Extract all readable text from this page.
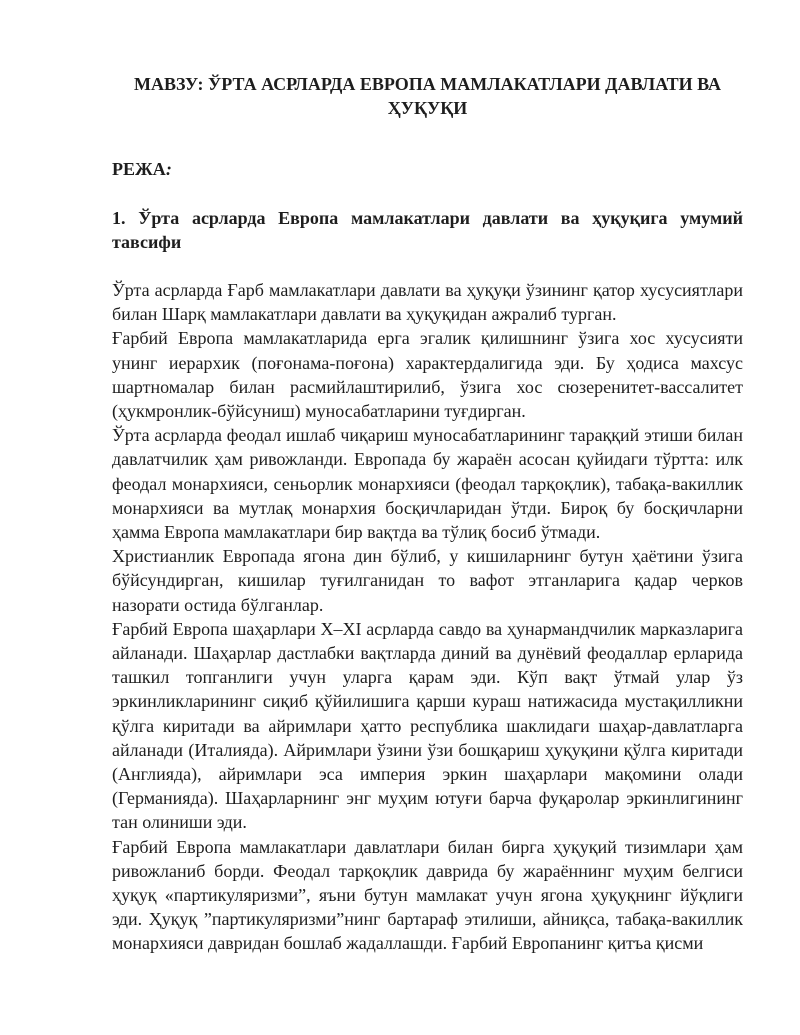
МАВЗУ: ЎРТА АСРЛАРДА ЕВРОПА МАМЛАКАТЛАРИ ДАВЛАТИ ВА ҲУҚУҚИ

РЕЖА:

1. Ўрта асрларда Европа мамлакатлари давлати ва ҳуқуқига умумий тавсифи

Ўрта асрларда Ғарб мамлакатлари давлати ва ҳуқуқи ўзининг қатор хусусиятлари билан Шарқ мамлакатлари давлати ва ҳуқуқидан ажралиб турган.

Ғарбий Европа мамлакатларида ерга эгалик қилишнинг ўзига хос хусусияти унинг иерархик (поғонама-поғона) характердалигида эди. Бу ҳодиса махсус шартномалар билан расмийлаштирилиб, ўзига хос сюзеренитет-вассалитет (ҳукмронлик-бўйсуниш) муносабатларини туғдирган.

Ўрта асрларда феодал ишлаб чиқариш муносабатларининг тараққий этиши билан давлатчилик ҳам ривожланди. Европада бу жараён асосан қуйидаги тўртта: илк феодал монархияси, сеньорлик монархияси (феодал тарқоқлик), табақа-вакиллик монархияси ва мутлақ монархия босқичларидан ўтди. Бироқ бу босқичларни ҳамма Европа мамлакатлари бир вақтда ва тўлиқ босиб ўтмади.

Христианлик Европада ягона дин бўлиб, у кишиларнинг бутун ҳаётини ўзига бўйсундирган, кишилар туғилганидан то вафот этганларига қадар черков назорати остида бўлганлар.

Ғарбий Европа шаҳарлари X–XI асрларда савдо ва ҳунармандчилик марказларига айланади. Шаҳарлар дастлабки вақтларда диний ва дунёвий феодаллар ерларида ташкил топганлиги учун уларга қарам эди. Кўп вақт ўтмай улар ўз эркинликларининг сиқиб қўйилишига қарши кураш натижасида мустақилликни қўлга киритади ва айримлари ҳатто республика шаклидаги шаҳар-давлатларга айланади (Италияда). Айримлари ўзини ўзи бошқариш ҳуқуқини қўлга киритади (Англияда), айримлари эса империя эркин шаҳарлари мақомини олади (Германияда). Шаҳарларнинг энг муҳим ютуғи барча фуқаролар эркинлигининг тан олиниши эди.

Ғарбий Европа мамлакатлари давлатлари билан бирга ҳуқуқий тизимлари ҳам ривожланиб борди. Феодал тарқоқлик даврида бу жараённинг муҳим белгиси ҳуқуқ «партикуляризми”, яъни бутун мамлакат учун ягона ҳуқуқнинг йўқлиги эди. Ҳуқуқ ”партикуляризми”нинг бартараф этилиши, айниқса, табақа-вакиллик монархияси давридан бошлаб жадаллашди. Ғарбий Европанинг қитъа қисми
